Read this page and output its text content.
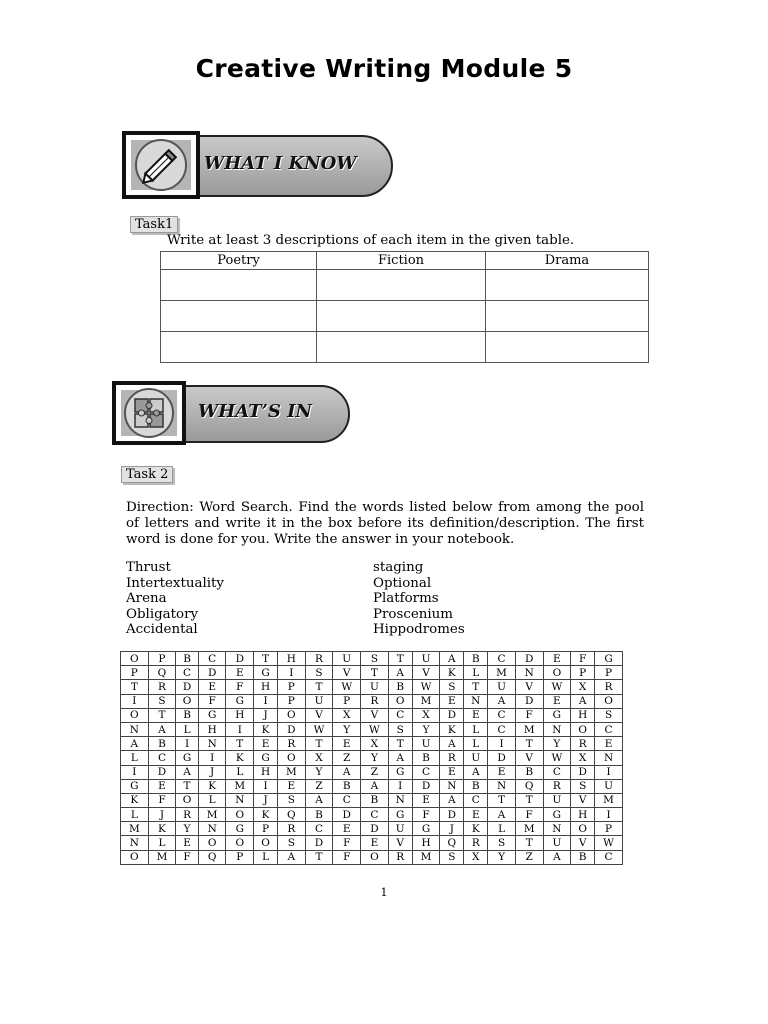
Creative Writing Module 5
WHAT I KNOW
Task1
Write at least 3 descriptions of each item in the given table.
Poetry	Fiction	Drama

WHAT’S IN
Task 2
Direction: Word Search. Find the words listed below from among the pool of letters and write it in the box before its definition/description. The first word is done for you. Write the answer in your notebook.
Thrust
Intertextuality
Arena
Obligatory
Accidental
staging
Optional
Platforms
Proscenium
Hippodromes
O	P	B	C	D	T	H	R	U	S	T	U	A	B	C	D	E	F	G
P	Q	C	D	E	G	I	S	V	T	A	V	K	L	M	N	O	P	P
T	R	D	E	F	H	P	T	W	U	B	W	S	T	U	V	W	X	R
I	S	O	F	G	I	P	U	P	R	O	M	E	N	A	D	E	A	O
O	T	B	G	H	J	O	V	X	V	C	X	D	E	C	F	G	H	S
N	A	L	H	I	K	D	W	Y	W	S	Y	K	L	C	M	N	O	C
A	B	I	N	T	E	R	T	E	X	T	U	A	L	I	T	Y	R	E
L	C	G	I	K	G	O	X	Z	Y	A	B	R	U	D	V	W	X	N
I	D	A	J	L	H	M	Y	A	Z	G	C	E	A	E	B	C	D	I
G	E	T	K	M	I	E	Z	B	A	I	D	N	B	N	Q	R	S	U
K	F	O	L	N	J	S	A	C	B	N	E	A	C	T	T	U	V	M
L	J	R	M	O	K	Q	B	D	C	G	F	D	E	A	F	G	H	I
M	K	Y	N	G	P	R	C	E	D	U	G	J	K	L	M	N	O	P
N	L	E	O	O	O	S	D	F	E	V	H	Q	R	S	T	U	V	W
O	M	F	Q	P	L	A	T	F	O	R	M	S	X	Y	Z	A	B	C
1
